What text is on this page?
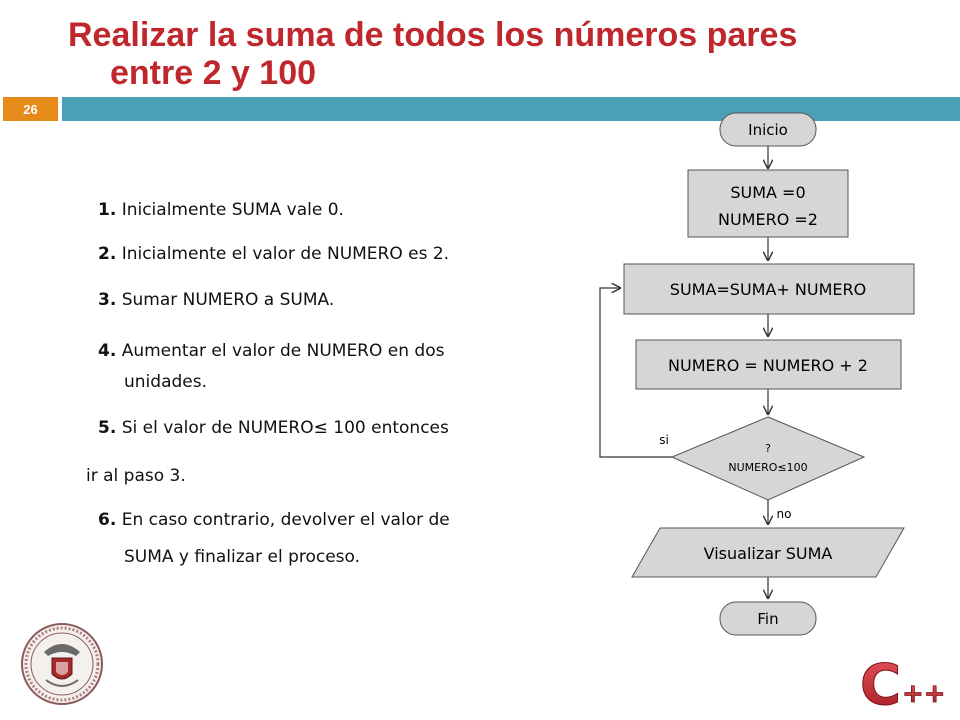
Realizar la suma de todos los números pares
entre 2 y 100
26
1. Inicialmente SUMA vale 0.
2. Inicialmente el valor de NUMERO es 2.
3. Sumar NUMERO a SUMA.
4. Aumentar el valor de NUMERO en dos
unidades.
5. Si el valor de NUMERO≤ 100 entonces
ir al paso 3.
6. En caso contrario, devolver el valor de
SUMA y finalizar el proceso.
Inicio
SUMA =0
NUMERO =2
SUMA=SUMA+ NUMERO
NUMERO = NUMERO + 2
?
NUMERO≤100
si
no
Visualizar SUMA
Fin
C ++
